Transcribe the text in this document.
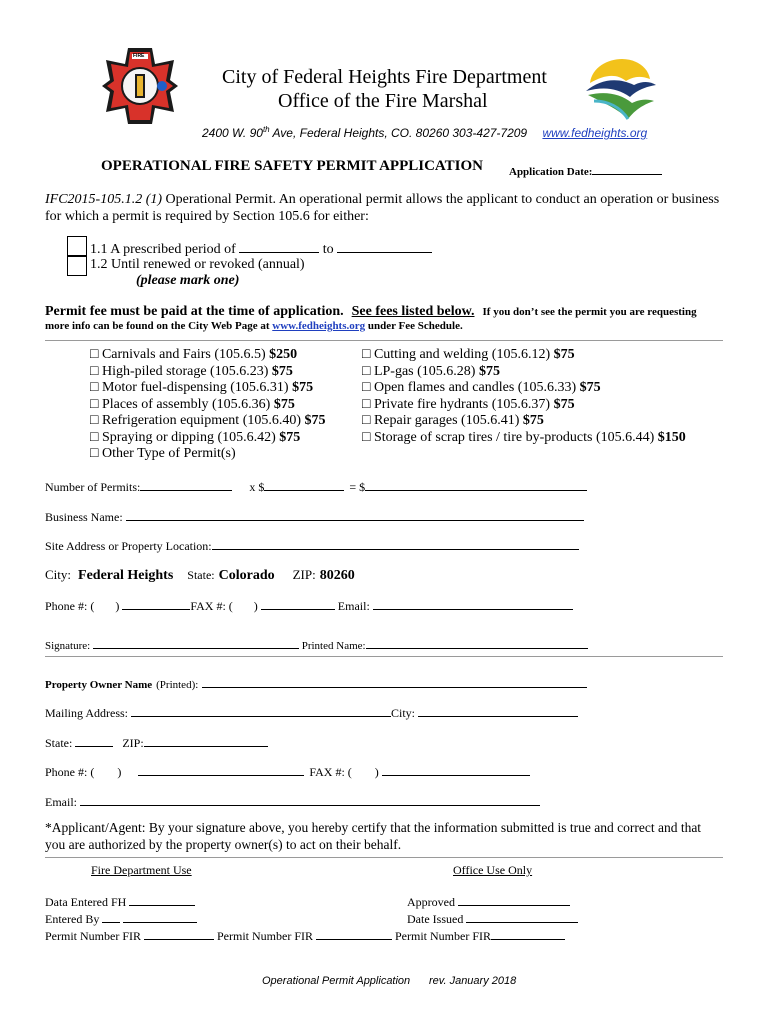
FIRE
City of Federal Heights Fire Department
Office of the Fire Marshal
2400 W. 90th Ave, Federal Heights, CO. 80260 303-427-7209 www.fedheights.org
OPERATIONAL FIRE SAFETY PERMIT APPLICATION Application Date:
IFC2015-105.1.2 (1) Operational Permit. An operational permit allows the applicant to conduct an operation or business
for which a permit is required by Section 105.6 for either:
1.1 A prescribed period of	to
1.2 Until renewed or revoked (annual)
(please mark one)
Permit fee must be paid at the time of application. See fees listed below. If you don’t see the permit you are requesting
more info can be found on the City Web Page at www.fedheights.org under Fee Schedule.
□ Carnivals and Fairs (105.6.5) $250
□ High-piled storage (105.6.23) $75
□ Motor fuel-dispensing (105.6.31) $75
□ Places of assembly (105.6.36) $75
□ Refrigeration equipment (105.6.40) $75
□ Spraying or dipping (105.6.42) $75
□ Other Type of Permit(s)
□ Cutting and welding (105.6.12) $75
□ LP-gas (105.6.28) $75
□ Open flames and candles (105.6.33) $75
□ Private fire hydrants (105.6.37) $75
□ Repair garages (105.6.41) $75
□ Storage of scrap tires / tire by-products (105.6.44) $150
Number of Permits:	x $	= $
Business Name:
Site Address or Property Location:
City: Federal Heights State: Colorado ZIP: 80260
Phone #: ( )	FAX #: ( )	Email:
Signature:	Printed Name:
Property Owner Name (Printed):
Mailing Address:	City:
State:	ZIP:
Phone #: ( )	FAX #: ( )
Email:
*Applicant/Agent: By your signature above, you hereby certify that the information submitted is true and correct and that
you are authorized by the property owner(s) to act on their behalf.
Fire Department Use	Office Use Only
Data Entered FH
Entered By
Permit Number FIR	Permit Number FIR	Permit Number FIR
Approved
Date Issued
Operational Permit Application rev. January 2018
